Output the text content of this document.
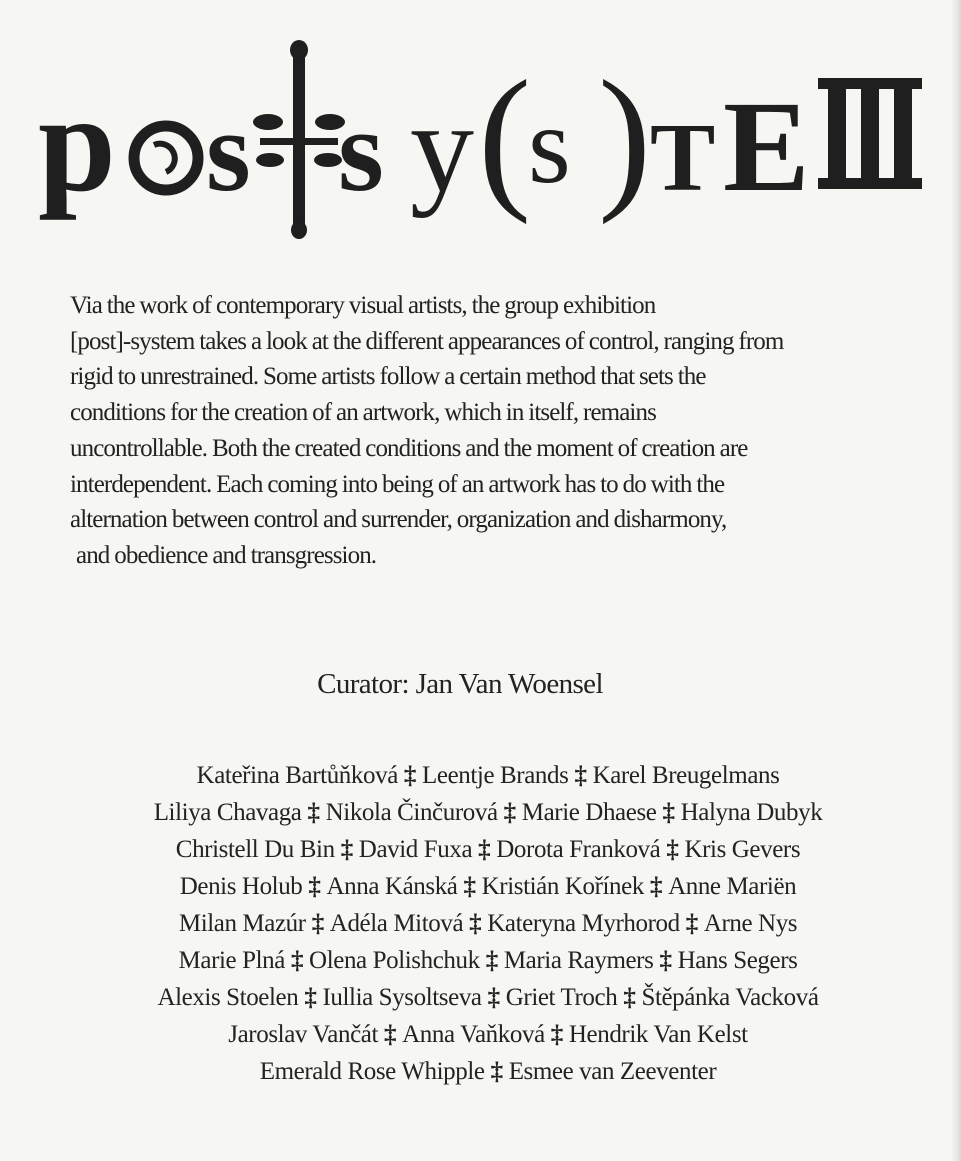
p s s y (
s )
T E
Via the work of contemporary visual artists, the group exhibition
[post]-system takes a look at the different appearances of control, ranging from
rigid to unrestrained. Some artists follow a certain method that sets the
conditions for the creation of an artwork, which in itself, remains
uncontrollable. Both the created conditions and the moment of creation are
interdependent. Each coming into being of an artwork has to do with the
alternation between control and surrender, organization and disharmony,
and obedience and transgression.
Curator: Jan Van Woensel
Kateřina Bartůňková ‡ Leentje Brands ‡ Karel Breugelmans
Liliya Chavaga ‡ Nikola Činčurová ‡ Marie Dhaese ‡ Halyna Dubyk
Christell Du Bin ‡ David Fuxa ‡ Dorota Franková ‡ Kris Gevers
Denis Holub ‡ Anna Kánská ‡ Kristián Kořínek ‡ Anne Mariën
Milan Mazúr ‡ Adéla Mitová ‡ Kateryna Myrhorod ‡ Arne Nys
Marie Plná ‡ Olena Polishchuk ‡ Maria Raymers ‡ Hans Segers
Alexis Stoelen ‡ Iullia Sysoltseva ‡ Griet Troch ‡ Štěpánka Vacková
Jaroslav Vančát ‡ Anna Vaňková ‡ Hendrik Van Kelst
Emerald Rose Whipple ‡ Esmee van Zeeventer
